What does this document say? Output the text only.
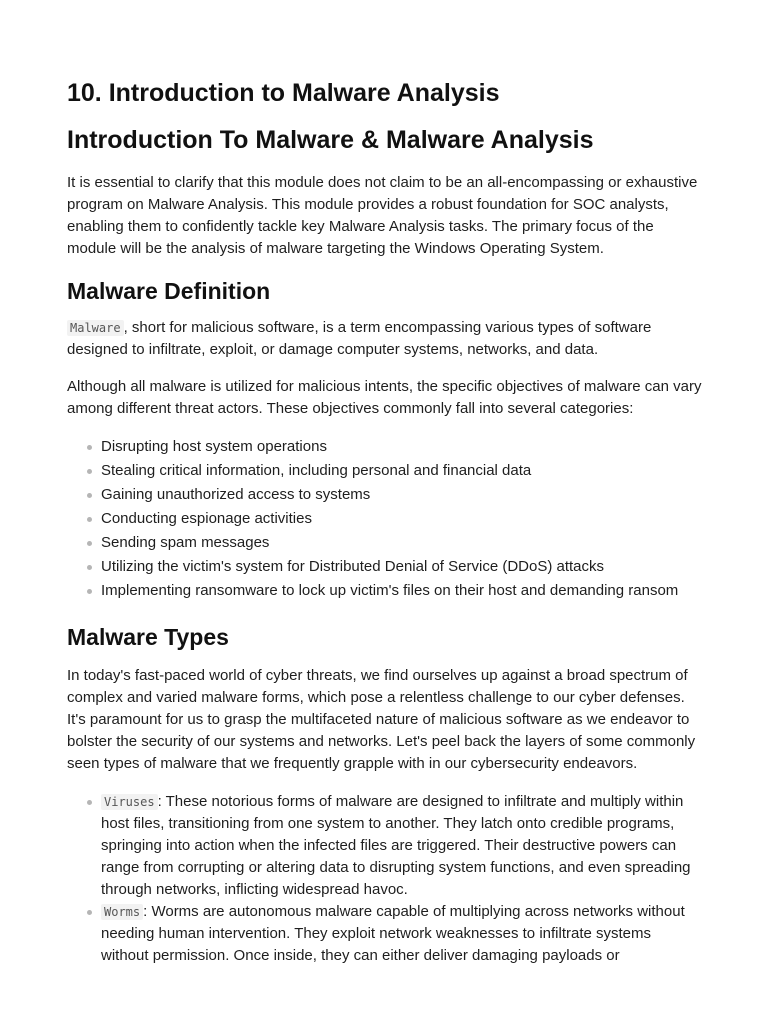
10. Introduction to Malware Analysis
Introduction To Malware & Malware Analysis

It is essential to clarify that this module does not claim to be an all-encompassing or exhaustive program on Malware Analysis. This module provides a robust foundation for SOC analysts, enabling them to confidently tackle key Malware Analysis tasks. The primary focus of the module will be the analysis of malware targeting the Windows Operating System.

Malware Definition

Malware , short for malicious software, is a term encompassing various types of software designed to infiltrate, exploit, or damage computer systems, networks, and data.

Although all malware is utilized for malicious intents, the specific objectives of malware can vary among different threat actors. These objectives commonly fall into several categories:

Disrupting host system operations
Stealing critical information, including personal and financial data
Gaining unauthorized access to systems
Conducting espionage activities
Sending spam messages
Utilizing the victim's system for Distributed Denial of Service (DDoS) attacks
Implementing ransomware to lock up victim's files on their host and demanding ransom
Malware Types

In today's fast-paced world of cyber threats, we find ourselves up against a broad spectrum of complex and varied malware forms, which pose a relentless challenge to our cyber defenses. It's paramount for us to grasp the multifaceted nature of malicious software as we endeavor to bolster the security of our systems and networks. Let's peel back the layers of some commonly seen types of malware that we frequently grapple with in our cybersecurity endeavors.

Viruses : These notorious forms of malware are designed to infiltrate and multiply within host files, transitioning from one system to another. They latch onto credible programs, springing into action when the infected files are triggered. Their destructive powers can range from corrupting or altering data to disrupting system functions, and even spreading through networks, inflicting widespread havoc.
Worms : Worms are autonomous malware capable of multiplying across networks without needing human intervention. They exploit network weaknesses to infiltrate systems without permission. Once inside, they can either deliver damaging payloads or
